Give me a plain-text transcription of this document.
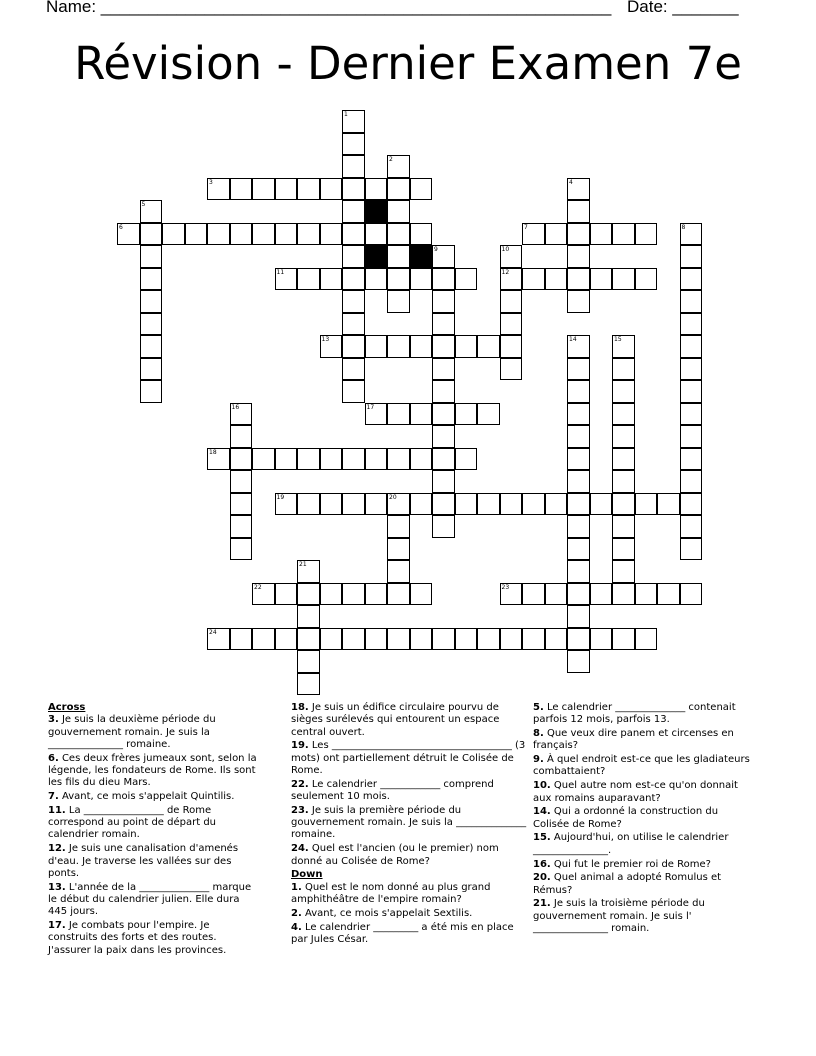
Name: ______________________________________________________ Date: _______
Révision - Dernier Examen 7e
1
2
3	4
5
6	7	8
9	10
12
11
13	14	15
16	17
18
19	20
21
22	23
24
Across
3. Je suis la deuxième période du gouvernement romain. Je suis la _______________ romaine.
6. Ces deux frères jumeaux sont, selon la légende, les fondateurs de Rome. Ils sont les fils du dieu Mars.
7. Avant, ce mois s'appelait Quintilis.
11. La ________________ de Rome correspond au point de départ du calendrier romain.
12. Je suis une canalisation d'amenés d'eau. Je traverse les vallées sur des ponts.
13. L'année de la ______________ marque le début du calendrier julien. Elle dura 445 jours.
17. Je combats pour l'empire. Je construits des forts et des routes. J'assurer la paix dans les provinces.
18. Je suis un édifice circulaire pourvu de sièges surélevés qui entourent un espace central ouvert.
19. Les ____________________________________ (3 mots) ont partiellement détruit le Colisée de Rome.
22. Le calendrier ____________ comprend seulement 10 mois.
23. Je suis la première période du gouvernement romain. Je suis la ______________ romaine.
24. Quel est l'ancien (ou le premier) nom donné au Colisée de Rome?
Down
1. Quel est le nom donné au plus grand amphithéâtre de l'empire romain?
2. Avant, ce mois s'appelait Sextilis.
4. Le calendrier _________ a été mis en place par Jules César.
5. Le calendrier ______________ contenait parfois 12 mois, parfois 13.
8. Que veux dire panem et circenses en français?
9. À quel endroit est-ce que les gladiateurs combattaient?
10. Quel autre nom est-ce qu'on donnait aux romains auparavant?
14. Qui a ordonné la construction du Colisée de Rome?
15. Aujourd'hui, on utilise le calendrier _______________.
16. Qui fut le premier roi de Rome?
20. Quel animal a adopté Romulus et Rémus?
21. Je suis la troisième période du gouvernement romain. Je suis l' _______________ romain.
